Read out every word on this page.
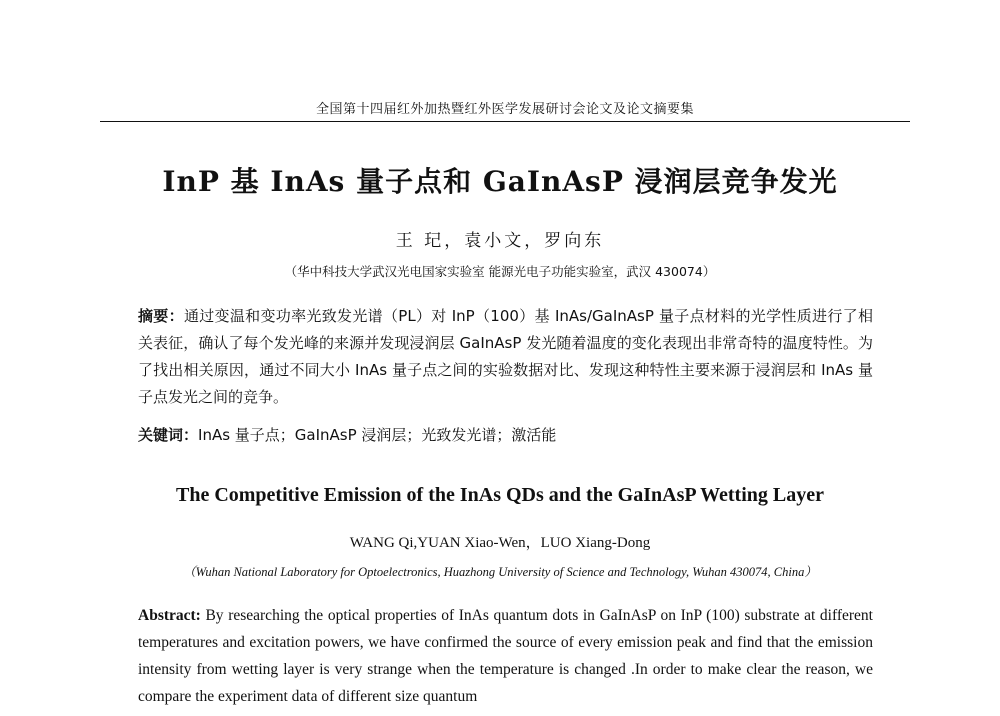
全国第十四届红外加热暨红外医学发展研讨会论文及论文摘要集
InP 基 InAs 量子点和 GaInAsP 浸润层竞争发光
王 玘，袁小文，罗向东
（华中科技大学武汉光电国家实验室 能源光电子功能实验室，武汉 430074）
摘要：通过变温和变功率光致发光谱（PL）对 InP（100）基 InAs/GaInAsP 量子点材料的光学性质进行了相关表征，确认了每个发光峰的来源并发现浸润层 GaInAsP 发光随着温度的变化表现出非常奇特的温度特性。为了找出相关原因，通过不同大小 InAs 量子点之间的实验数据对比、发现这种特性主要来源于浸润层和 InAs 量子点发光之间的竞争。
关键词：InAs 量子点；GaInAsP 浸润层；光致发光谱；激活能
The Competitive Emission of the InAs QDs and the GaInAsP Wetting Layer
WANG Qi,YUAN Xiao-Wen，LUO Xiang-Dong
（Wuhan National Laboratory for Optoelectronics, Huazhong University of Science and Technology, Wuhan 430074, China）
Abstract: By researching the optical properties of InAs quantum dots in GaInAsP on InP (100) substrate at different temperatures and excitation powers, we have confirmed the source of every emission peak and find that the emission intensity from wetting layer is very strange when the temperature is changed .In order to make clear the reason, we compare the experiment data of different size quantum
